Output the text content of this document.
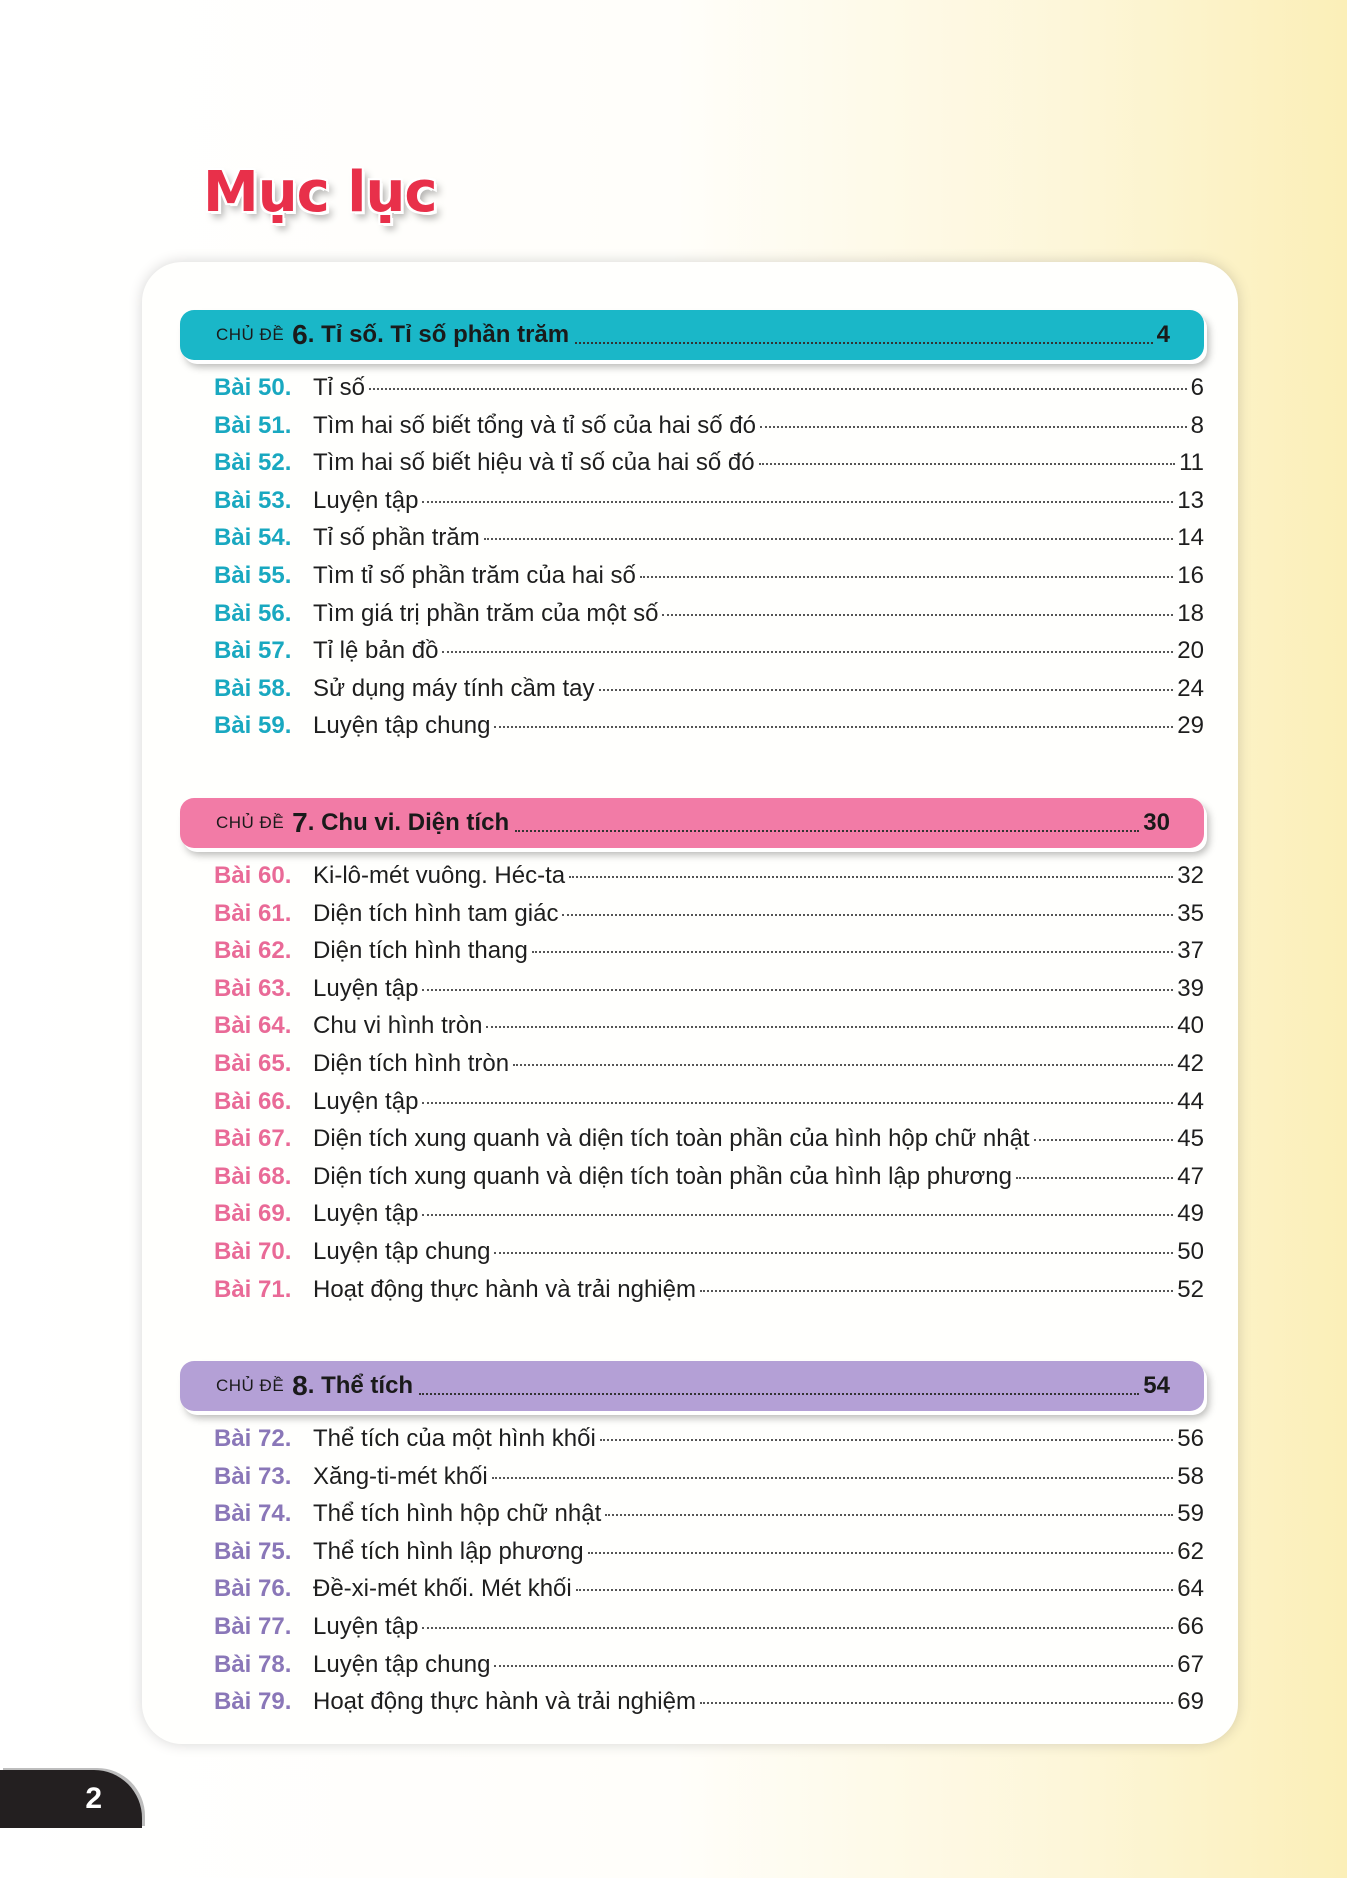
Mục lục
CHỦ ĐỀ 6 . Tỉ số. Tỉ số phần trăm	4
Bài 50. Tỉ số	6
Bài 51. Tìm hai số biết tổng và tỉ số của hai số đó	8
Bài 52. Tìm hai số biết hiệu và tỉ số của hai số đó	11
Bài 53. Luyện tập	13
Bài 54. Tỉ số phần trăm	14
Bài 55. Tìm tỉ số phần trăm của hai số	16
Bài 56. Tìm giá trị phần trăm của một số	18
Bài 57. Tỉ lệ bản đồ	20
Bài 58. Sử dụng máy tính cầm tay	24
Bài 59. Luyện tập chung	29
CHỦ ĐỀ 7 . Chu vi. Diện tích	30
Bài 60. Ki-lô-mét vuông. Héc-ta	32
Bài 61. Diện tích hình tam giác	35
Bài 62. Diện tích hình thang	37
Bài 63. Luyện tập	39
Bài 64. Chu vi hình tròn	40
Bài 65. Diện tích hình tròn	42
Bài 66. Luyện tập	44
Bài 67. Diện tích xung quanh và diện tích toàn phần của hình hộp chữ nhật	45
Bài 68. Diện tích xung quanh và diện tích toàn phần của hình lập phương	47
Bài 69. Luyện tập	49
Bài 70. Luyện tập chung	50
Bài 71. Hoạt động thực hành và trải nghiệm	52
CHỦ ĐỀ 8 . Thể tích	54
Bài 72. Thể tích của một hình khối	56
Bài 73. Xăng-ti-mét khối	58
Bài 74. Thể tích hình hộp chữ nhật	59
Bài 75. Thể tích hình lập phương	62
Bài 76. Đề-xi-mét khối. Mét khối	64
Bài 77. Luyện tập	66
Bài 78. Luyện tập chung	67
Bài 79. Hoạt động thực hành và trải nghiệm	69
2
